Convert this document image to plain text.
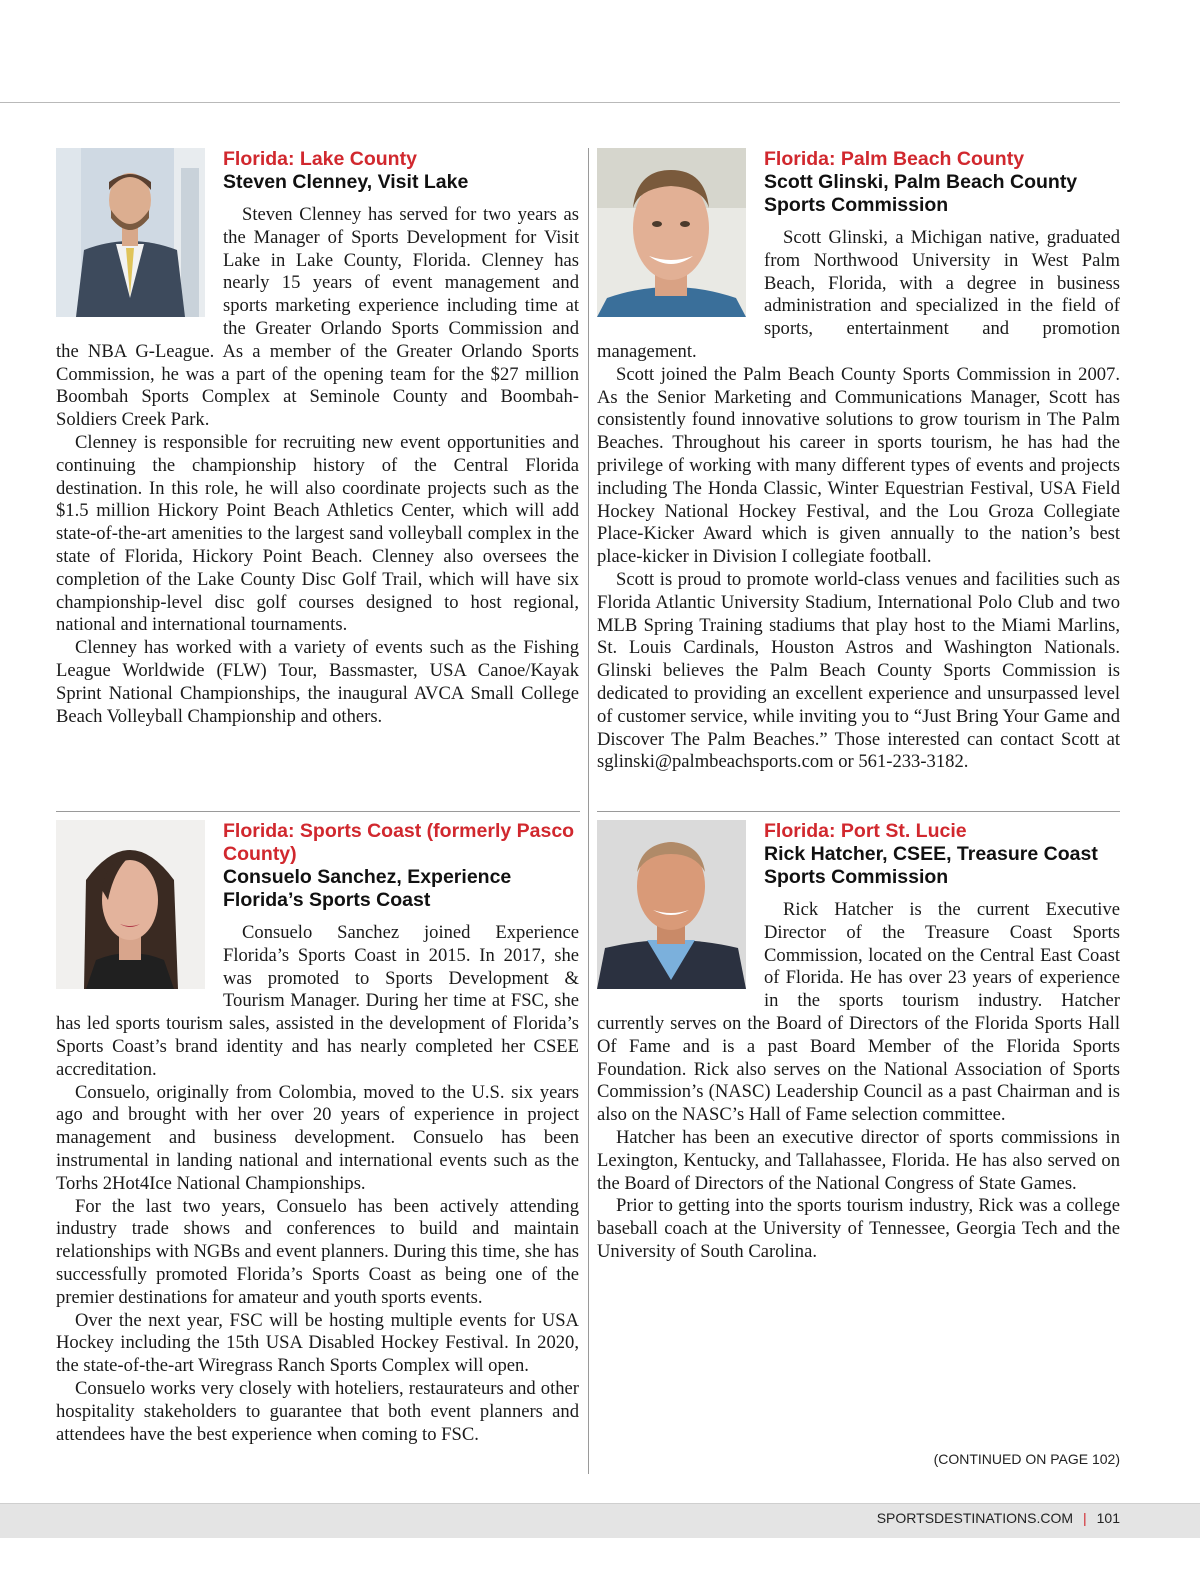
Florida: Lake County
Steven Clenney, Visit Lake

Steven Clenney has served for two years as the Manager of Sports Development for Visit Lake in Lake County, Florida. Clenney has nearly 15 years of event management and sports marketing experience including time at the Greater Orlando Sports Commission and the NBA G-League. As a member of the Greater Orlando Sports Commission, he was a part of the opening team for the $27 million Boombah Sports Complex at Seminole County and Boombah-Soldiers Creek Park.

Clenney is responsible for recruiting new event opportunities and continuing the championship history of the Central Florida destination. In this role, he will also coordinate projects such as the $1.5 million Hickory Point Beach Athletics Center, which will add state-of-the-art amenities to the largest sand volleyball complex in the state of Florida, Hickory Point Beach. Clenney also oversees the completion of the Lake County Disc Golf Trail, which will have six championship-level disc golf courses designed to host regional, national and international tournaments.

Clenney has worked with a variety of events such as the Fishing League Worldwide (FLW) Tour, Bassmaster, USA Canoe/Kayak Sprint National Championships, the inaugural AVCA Small College Beach Volleyball Championship and others.

Florida: Palm Beach County
Scott Glinski, Palm Beach County Sports Commission

Scott Glinski, a Michigan native, graduated from Northwood University in West Palm Beach, Florida, with a degree in business administration and specialized in the field of sports, entertainment and promotion management.

Scott joined the Palm Beach County Sports Commission in 2007. As the Senior Marketing and Communications Manager, Scott has consistently found innovative solutions to grow tourism in The Palm Beaches. Throughout his career in sports tourism, he has had the privilege of working with many different types of events and projects including The Honda Classic, Winter Equestrian Festival, USA Field Hockey National Hockey Festival, and the Lou Groza Collegiate Place-Kicker Award which is given annually to the nation’s best place-kicker in Division I collegiate football.

Scott is proud to promote world-class venues and facilities such as Florida Atlantic University Stadium, International Polo Club and two MLB Spring Training stadiums that play host to the Miami Marlins, St. Louis Cardinals, Houston Astros and Washington Nationals. Glinski believes the Palm Beach County Sports Commission is dedicated to providing an excellent experience and unsurpassed level of customer service, while inviting you to “Just Bring Your Game and Discover The Palm Beaches.” Those interested can contact Scott at sglinski@palmbeachsports.com or 561-233-3182.

Florida: Sports Coast (formerly Pasco County)
Consuelo Sanchez, Experience Florida’s Sports Coast

Consuelo Sanchez joined Experience Florida’s Sports Coast in 2015. In 2017, she was promoted to Sports Development & Tourism Manager. During her time at FSC, she has led sports tourism sales, assisted in the development of Florida’s Sports Coast’s brand identity and has nearly completed her CSEE accreditation.

Consuelo, originally from Colombia, moved to the U.S. six years ago and brought with her over 20 years of experience in project management and business development. Consuelo has been instrumental in landing national and international events such as the Torhs 2Hot4Ice National Championships.

For the last two years, Consuelo has been actively attending industry trade shows and conferences to build and maintain relationships with NGBs and event planners. During this time, she has successfully promoted Florida’s Sports Coast as being one of the premier destinations for amateur and youth sports events.

Over the next year, FSC will be hosting multiple events for USA Hockey including the 15th USA Disabled Hockey Festival. In 2020, the state-of-the-art Wiregrass Ranch Sports Complex will open.

Consuelo works very closely with hoteliers, restaurateurs and other hospitality stakeholders to guarantee that both event planners and attendees have the best experience when coming to FSC.

Florida: Port St. Lucie
Rick Hatcher, CSEE, Treasure Coast Sports Commission

Rick Hatcher is the current Executive Director of the Treasure Coast Sports Commission, located on the Central East Coast of Florida. He has over 23 years of experience in the sports tourism industry. Hatcher currently serves on the Board of Directors of the Florida Sports Hall Of Fame and is a past Board Member of the Florida Sports Foundation. Rick also serves on the National Association of Sports Commission’s (NASC) Leadership Council as a past Chairman and is also on the NASC’s Hall of Fame selection committee.

Hatcher has been an executive director of sports commissions in Lexington, Kentucky, and Tallahassee, Florida. He has also served on the Board of Directors of the National Congress of State Games.

Prior to getting into the sports tourism industry, Rick was a college baseball coach at the University of Tennessee, Georgia Tech and the University of South Carolina.

(CONTINUED ON PAGE 102)
SPORTSDESTINATIONS.COM | 101
